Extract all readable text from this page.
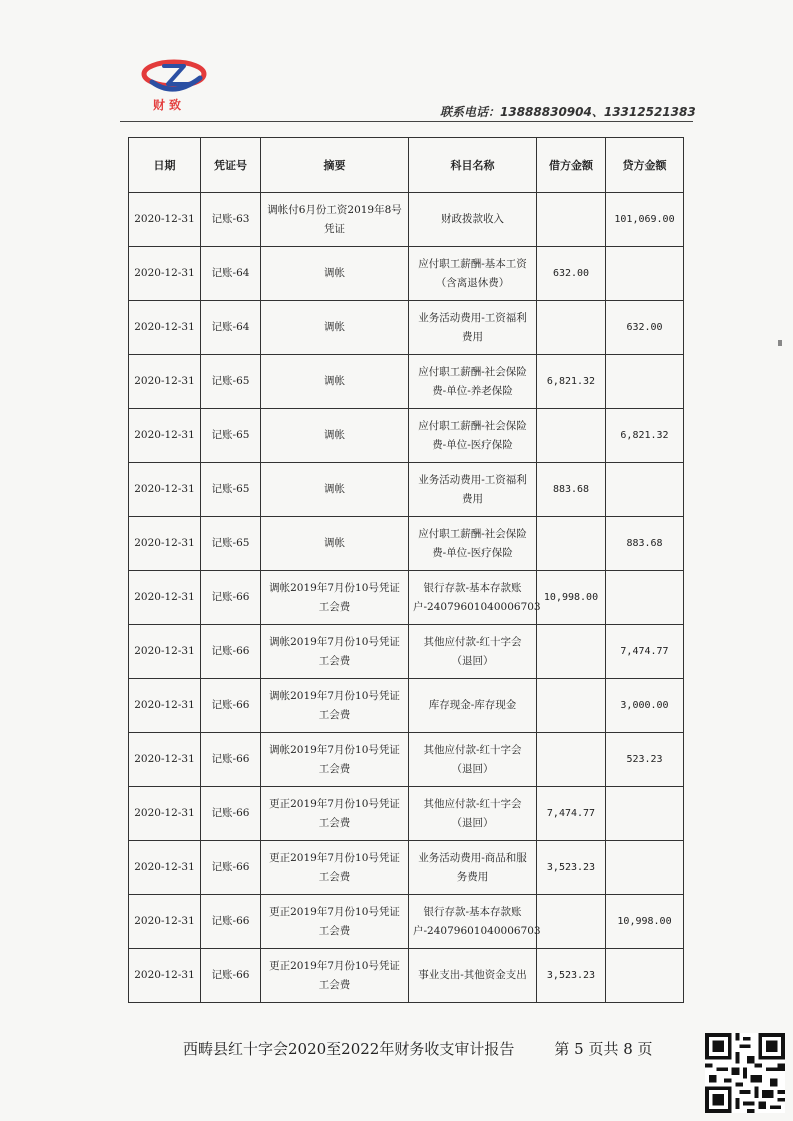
财致	联系电话：13888830904、13312521383
日期	凭证号	摘要	科目名称	借方金额	贷方金额
2020-12-31	记账-63	调帐付6月份工资2019年8号凭证	财政拨款收入		101,069.00
2020-12-31	记账-64	调帐	应付职工薪酬-基本工资（含离退休费）	632.00	
2020-12-31	记账-64	调帐	业务活动费用-工资福利费用		632.00
2020-12-31	记账-65	调帐	应付职工薪酬-社会保险费-单位-养老保险	6,821.32	
2020-12-31	记账-65	调帐	应付职工薪酬-社会保险费-单位-医疗保险		6,821.32
2020-12-31	记账-65	调帐	业务活动费用-工资福利费用	883.68	
2020-12-31	记账-65	调帐	应付职工薪酬-社会保险费-单位-医疗保险		883.68
2020-12-31	记账-66	调帐2019年7月份10号凭证工会费	银行存款-基本存款账户-24079601040006703	10,998.00	
2020-12-31	记账-66	调帐2019年7月份10号凭证工会费	其他应付款-红十字会（退回）		7,474.77
2020-12-31	记账-66	调帐2019年7月份10号凭证工会费	库存现金-库存现金		3,000.00
2020-12-31	记账-66	调帐2019年7月份10号凭证工会费	其他应付款-红十字会（退回）		523.23
2020-12-31	记账-66	更正2019年7月份10号凭证工会费	其他应付款-红十字会（退回）	7,474.77	
2020-12-31	记账-66	更正2019年7月份10号凭证工会费	业务活动费用-商品和服务费用	3,523.23	
2020-12-31	记账-66	更正2019年7月份10号凭证工会费	银行存款-基本存款账户-24079601040006703		10,998.00
2020-12-31	记账-66	更正2019年7月份10号凭证工会费	事业支出-其他资金支出	3,523.23	
西畴县红十字会2020至2022年财务收支审计报告	第 5 页共 8 页
